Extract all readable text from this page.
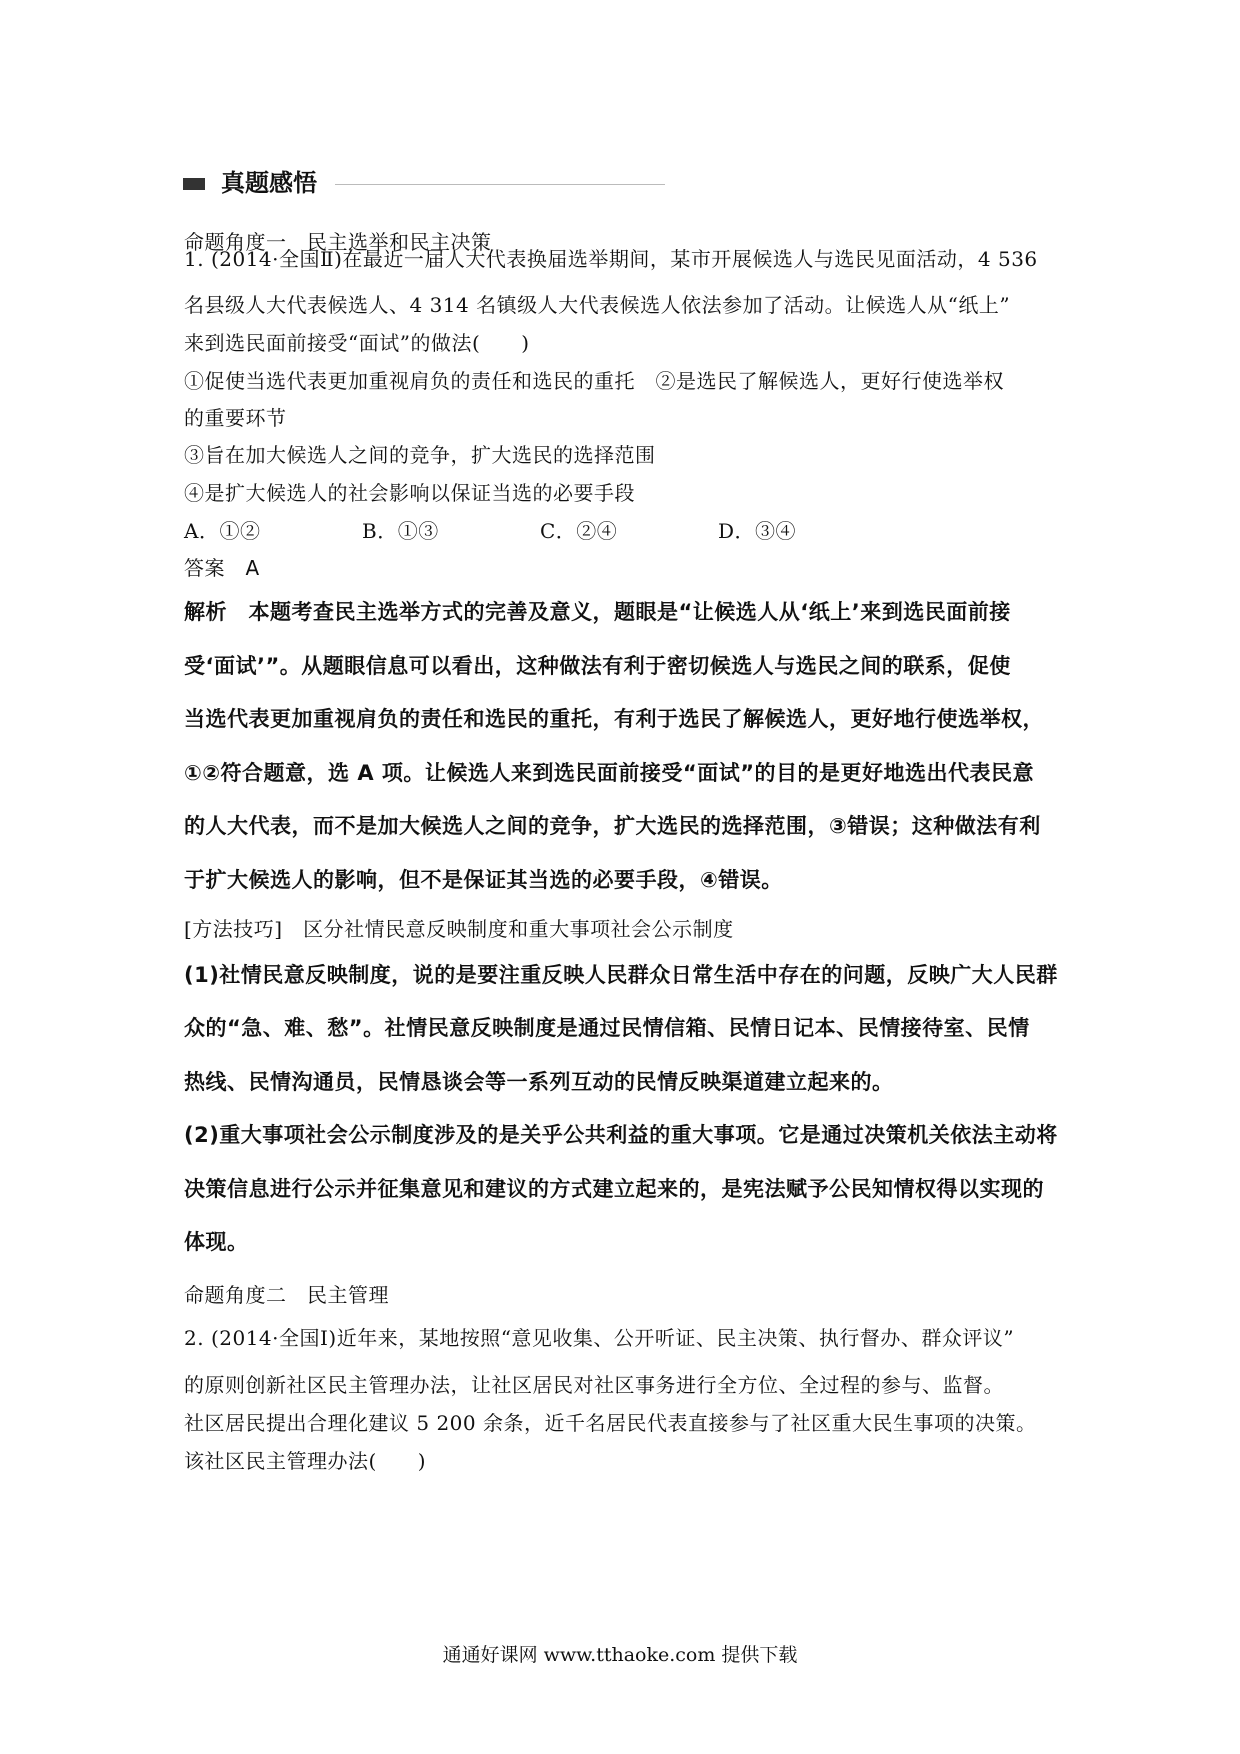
真题感悟
命题角度一　民主选举和民主决策
1. (2014·全国Ⅱ)在最近一届人大代表换届选举期间，某市开展候选人与选民见面活动，4 536
名县级人大代表候选人、4 314 名镇级人大代表候选人依法参加了活动。让候选人从“纸上”
来到选民面前接受“面试”的做法(　　)
①促使当选代表更加重视肩负的责任和选民的重托　②是选民了解候选人，更好行使选举权
的重要环节
③旨在加大候选人之间的竞争，扩大选民的选择范围
④是扩大候选人的社会影响以保证当选的必要手段
A．①②	B．①③	C．②④	D．③④
答案　A
解析　本题考查民主选举方式的完善及意义，题眼是“让候选人从‘纸上’来到选民面前接
受‘面试’”。从题眼信息可以看出，这种做法有利于密切候选人与选民之间的联系，促使
当选代表更加重视肩负的责任和选民的重托，有利于选民了解候选人，更好地行使选举权，
①②符合题意，选 A 项。让候选人来到选民面前接受“面试”的目的是更好地选出代表民意
的人大代表，而不是加大候选人之间的竞争，扩大选民的选择范围，③错误；这种做法有利
于扩大候选人的影响，但不是保证其当选的必要手段，④错误。
[方法技巧]　区分社情民意反映制度和重大事项社会公示制度
(1)社情民意反映制度，说的是要注重反映人民群众日常生活中存在的问题，反映广大人民群
众的“急、难、愁”。社情民意反映制度是通过民情信箱、民情日记本、民情接待室、民情
热线、民情沟通员，民情恳谈会等一系列互动的民情反映渠道建立起来的。
(2)重大事项社会公示制度涉及的是关乎公共利益的重大事项。它是通过决策机关依法主动将
决策信息进行公示并征集意见和建议的方式建立起来的，是宪法赋予公民知情权得以实现的
体现。
命题角度二　民主管理
2. (2014·全国Ⅰ)近年来，某地按照“意见收集、公开听证、民主决策、执行督办、群众评议”
的原则创新社区民主管理办法，让社区居民对社区事务进行全方位、全过程的参与、监督。
社区居民提出合理化建议 5 200 余条，近千名居民代表直接参与了社区重大民生事项的决策。
该社区民主管理办法(　　)
通通好课网 www.tthaoke.com 提供下载
